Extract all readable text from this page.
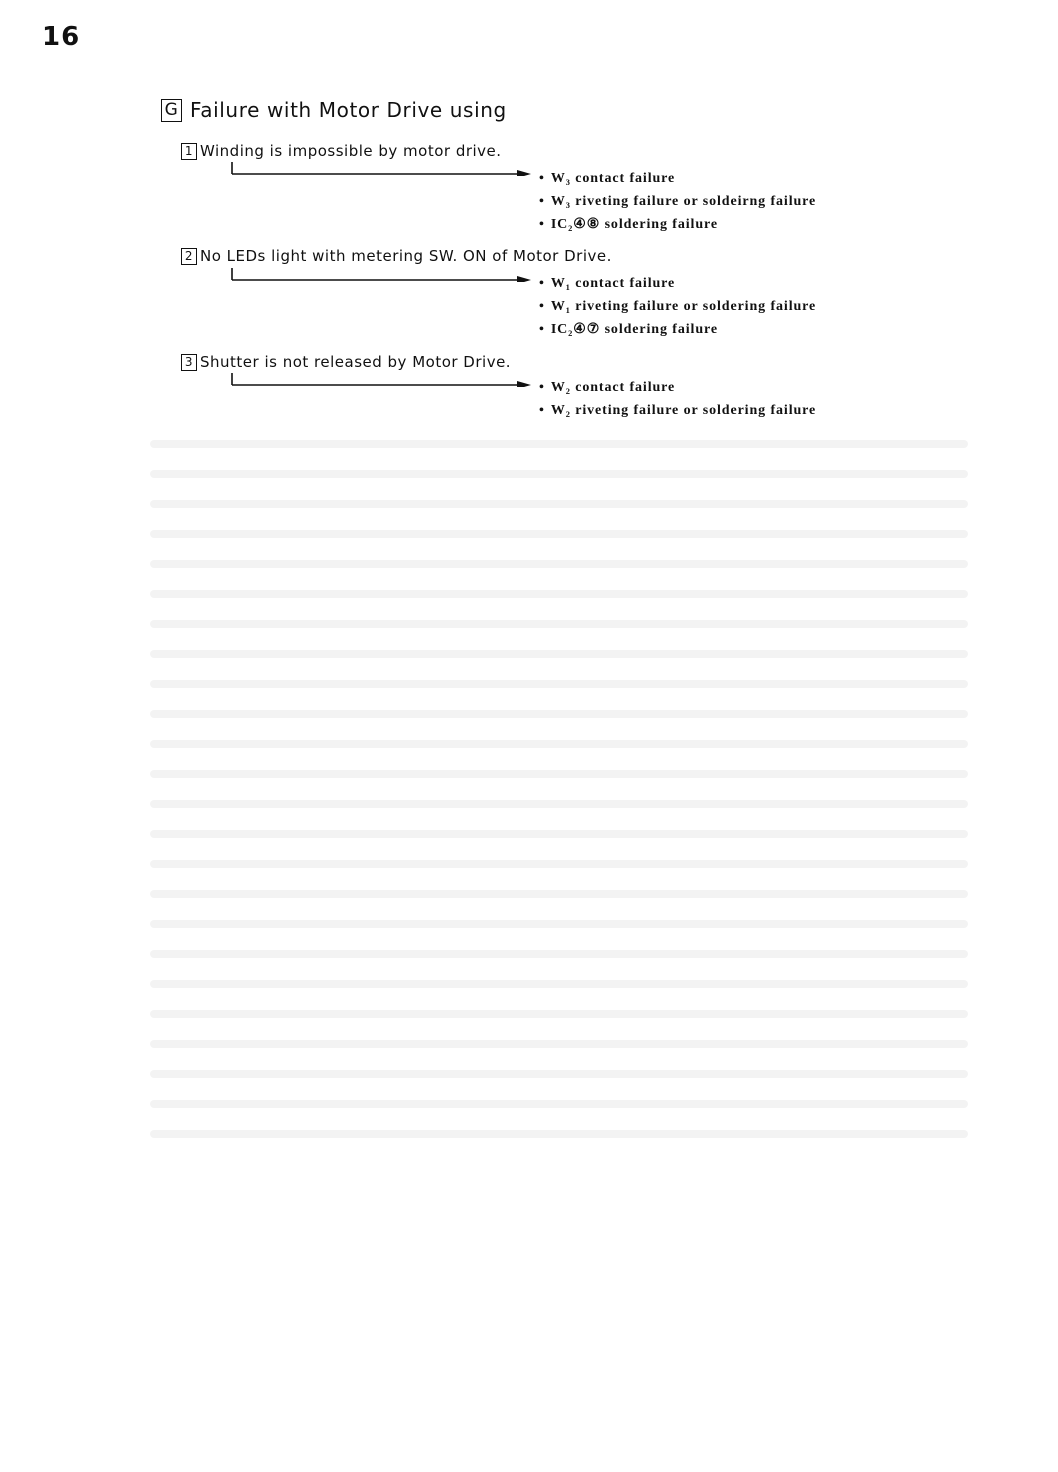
16
G Failure with Motor Drive using
1 Winding is impossible by motor drive.
• W₃ contact failure
• W₃ riveting failure or soldeirng failure
• IC₂④⑧ soldering failure
2 No LEDs light with metering SW. ON of Motor Drive.
• W₁ contact failure
• W₁ riveting failure or soldering failure
• IC₂④⑦ soldering failure
3 Shutter is not released by Motor Drive.
• W₂ contact failure
• W₂ riveting failure or soldering failure
